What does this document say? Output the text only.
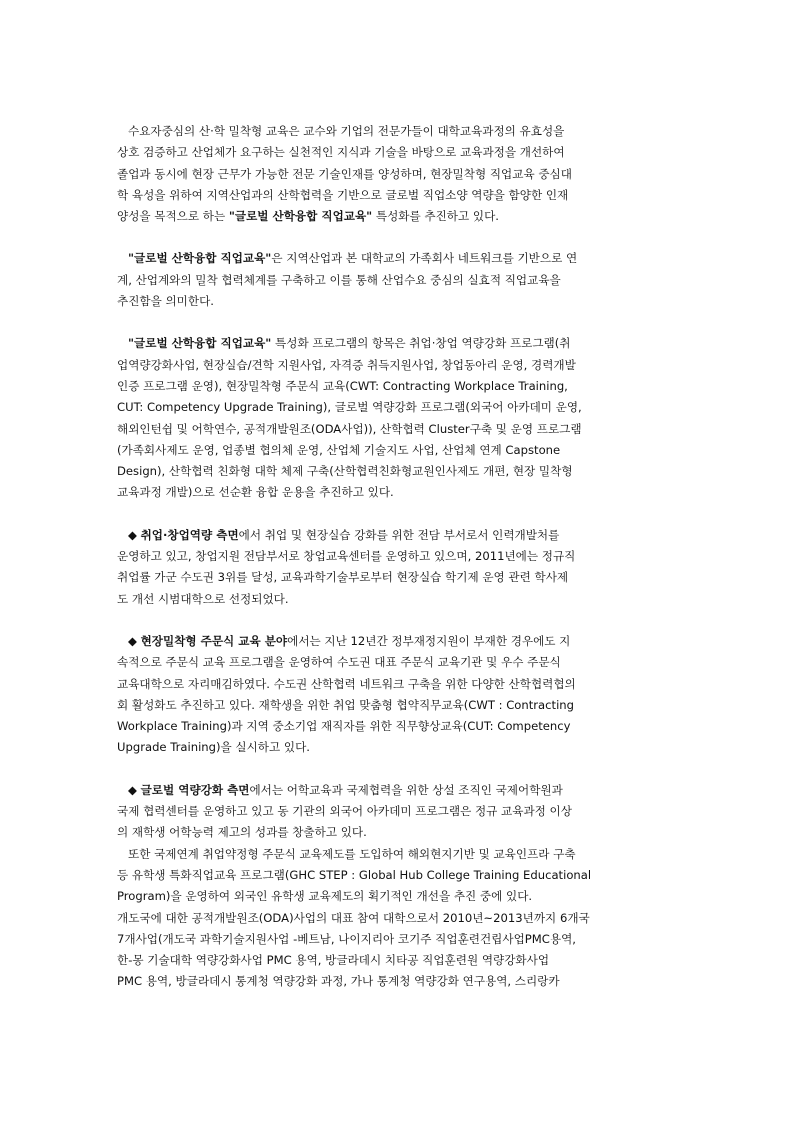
수요자중심의 산·학 밀착형 교육은 교수와 기업의 전문가들이 대학교육과정의 유효성을
상호 검증하고 산업체가 요구하는 실천적인 지식과 기술을 바탕으로 교육과정을 개선하여
졸업과 동시에 현장 근무가 가능한 전문 기술인재를 양성하며, 현장밀착형 직업교육 중심대
학 육성을 위하여 지역산업과의 산학협력을 기반으로 글로벌 직업소양 역량을 함양한 인재
양성을 목적으로 하는 "글로벌 산학융합 직업교육" 특성화를 추진하고 있다.
"글로벌 산학융합 직업교육"은 지역산업과 본 대학교의 가족회사 네트워크를 기반으로 연
계, 산업계와의 밀착 협력체계를 구축하고 이를 통해 산업수요 중심의 실효적 직업교육을
추진함을 의미한다.
"글로벌 산학융합 직업교육" 특성화 프로그램의 항목은 취업·창업 역량강화 프로그램(취
업역량강화사업, 현장실습/견학 지원사업, 자격증 취득지원사업, 창업동아리 운영, 경력개발
인증 프로그램 운영), 현장밀착형 주문식 교육(CWT: Contracting Workplace Training,
CUT: Competency Upgrade Training), 글로벌 역량강화 프로그램(외국어 아카데미 운영,
해외인턴쉽 및 어학연수, 공적개발원조(ODA사업)), 산학협력 Cluster구축 및 운영 프로그램
(가족회사제도 운영, 업종별 협의체 운영, 산업체 기술지도 사업, 산업체 연계 Capstone
Design), 산학협력 친화형 대학 체제 구축(산학협력친화형교원인사제도 개편, 현장 밀착형
교육과정 개발)으로 선순환 융합 운용을 추진하고 있다.
◆ 취업·창업역량 측면에서 취업 및 현장실습 강화를 위한 전담 부서로서 인력개발처를
운영하고 있고, 창업지원 전담부서로 창업교육센터를 운영하고 있으며, 2011년에는 정규직
취업률 가군 수도권 3위를 달성, 교육과학기술부로부터 현장실습 학기제 운영 관련 학사제
도 개선 시범대학으로 선정되었다.
◆ 현장밀착형 주문식 교육 분야에서는 지난 12년간 정부재정지원이 부재한 경우에도 지
속적으로 주문식 교육 프로그램을 운영하여 수도권 대표 주문식 교육기관 및 우수 주문식
교육대학으로 자리매김하였다. 수도권 산학협력 네트워크 구축을 위한 다양한 산학협력협의
회 활성화도 추진하고 있다. 재학생을 위한 취업 맞춤형 협약직무교육(CWT : Contracting
Workplace Training)과 지역 중소기업 재직자를 위한 직무향상교육(CUT: Competency
Upgrade Training)을 실시하고 있다.
◆ 글로벌 역량강화 측면에서는 어학교육과 국제협력을 위한 상설 조직인 국제어학원과
국제 협력센터를 운영하고 있고 동 기관의 외국어 아카데미 프로그램은 정규 교육과정 이상
의 재학생 어학능력 제고의 성과를 창출하고 있다.
또한 국제연계 취업약정형 주문식 교육제도를 도입하여 해외현지기반 및 교육인프라 구축
등 유학생 특화직업교육 프로그램(GHC STEP : Global Hub College Training Educational
Program)을 운영하여 외국인 유학생 교육제도의 획기적인 개선을 추진 중에 있다.
개도국에 대한 공적개발원조(ODA)사업의 대표 참여 대학으로서 2010년~2013년까지 6개국
7개사업(개도국 과학기술지원사업 -베트남, 나이지리아 코기주 직업훈련건립사업PMC용역,
한-몽 기술대학 역량강화사업 PMC 용역, 방글라데시 치타공 직업훈련원 역량강화사업
PMC 용역, 방글라데시 통계청 역량강화 과정, 가나 통계청 역량강화 연구용역, 스리랑카
